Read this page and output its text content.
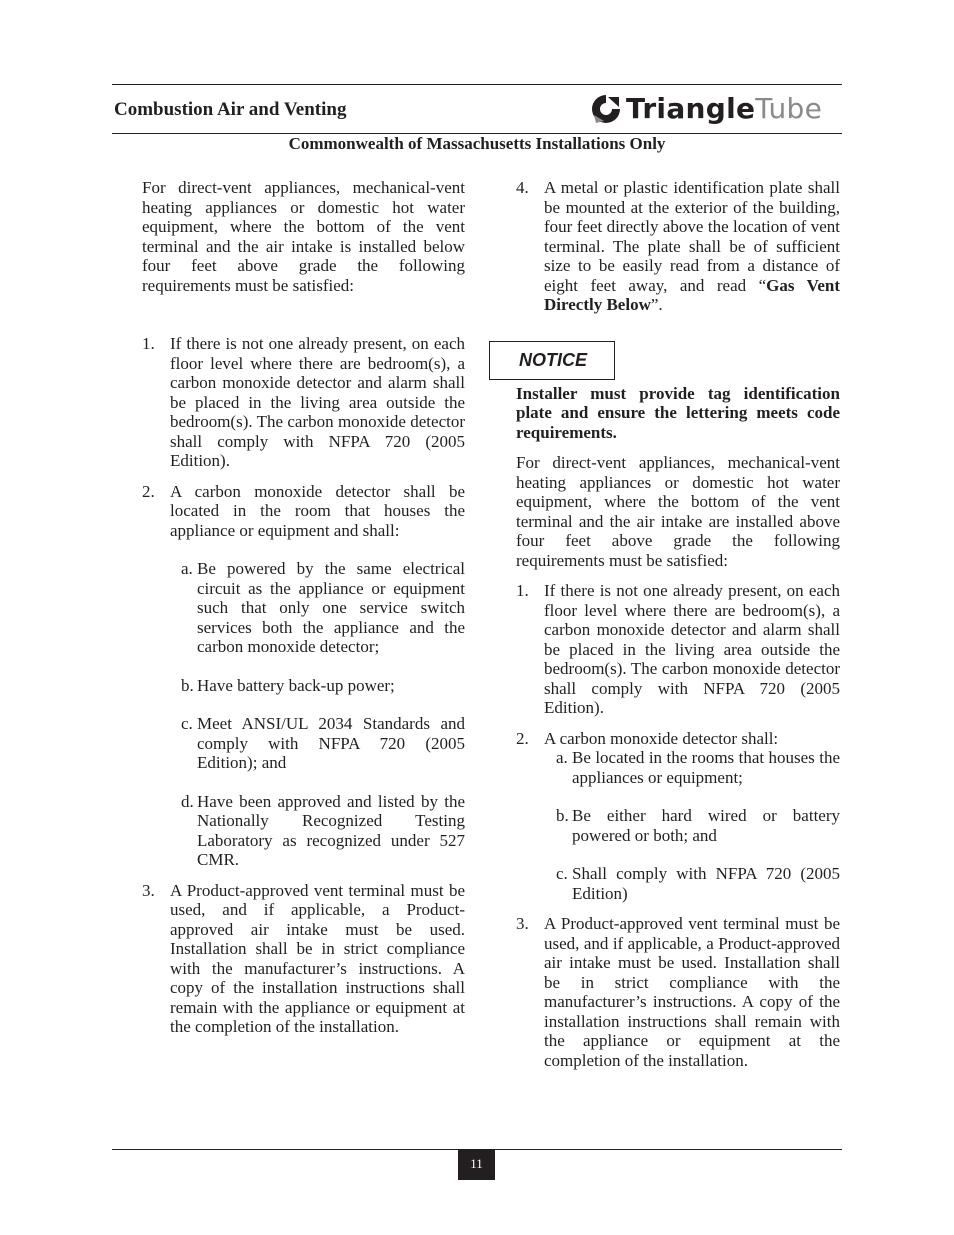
Combustion Air and Venting	TriangleTube
Commonwealth of Massachusetts Installations Only

For direct-vent appliances, mechanical-vent heating appliances or domestic hot water equipment, where the bottom of the vent terminal and the air intake is installed below four feet above grade the following requirements must be satisfied:

1. If there is not one already present, on each floor level where there are bedroom(s), a carbon monoxide detector and alarm shall be placed in the living area outside the bedroom(s). The carbon monoxide detector shall comply with NFPA 720 (2005 Edition).
2. A carbon monoxide detector shall be located in the room that houses the appliance or equipment and shall:
a. Be powered by the same electrical circuit as the appliance or equipment such that only one service switch services both the appliance and the carbon monoxide detector;
b. Have battery back-up power;
c. Meet ANSI/UL 2034 Standards and comply with NFPA 720 (2005 Edition); and
d. Have been approved and listed by the Nationally Recognized Testing Laboratory as recognized under 527 CMR.
3. A Product-approved vent terminal must be used, and if applicable, a Product-approved air intake must be used. Installation shall be in strict compliance with the manufacturer’s instructions. A copy of the installation instructions shall remain with the appliance or equipment at the completion of the installation.
NOTICE
4. A metal or plastic identification plate shall be mounted at the exterior of the building, four feet directly above the location of vent terminal. The plate shall be of sufficient size to be easily read from a distance of eight feet away, and read “Gas Vent Directly Below”.

Installer must provide tag identification plate and ensure the lettering meets code requirements.

For direct-vent appliances, mechanical-vent heating appliances or domestic hot water equipment, where the bottom of the vent terminal and the air intake are installed above four feet above grade the following requirements must be satisfied:

1. If there is not one already present, on each floor level where there are bedroom(s), a carbon monoxide detector and alarm shall be placed in the living area outside the bedroom(s). The carbon monoxide detector shall comply with NFPA 720 (2005 Edition).
2. A carbon monoxide detector shall:
a. Be located in the rooms that houses the appliances or equipment;
b. Be either hard wired or battery powered or both; and
c. Shall comply with NFPA 720 (2005 Edition)
3. A Product-approved vent terminal must be used, and if applicable, a Product-approved air intake must be used. Installation shall be in strict compliance with the manufacturer’s instructions. A copy of the installation instructions shall remain with the appliance or equipment at the completion of the installation.
11
